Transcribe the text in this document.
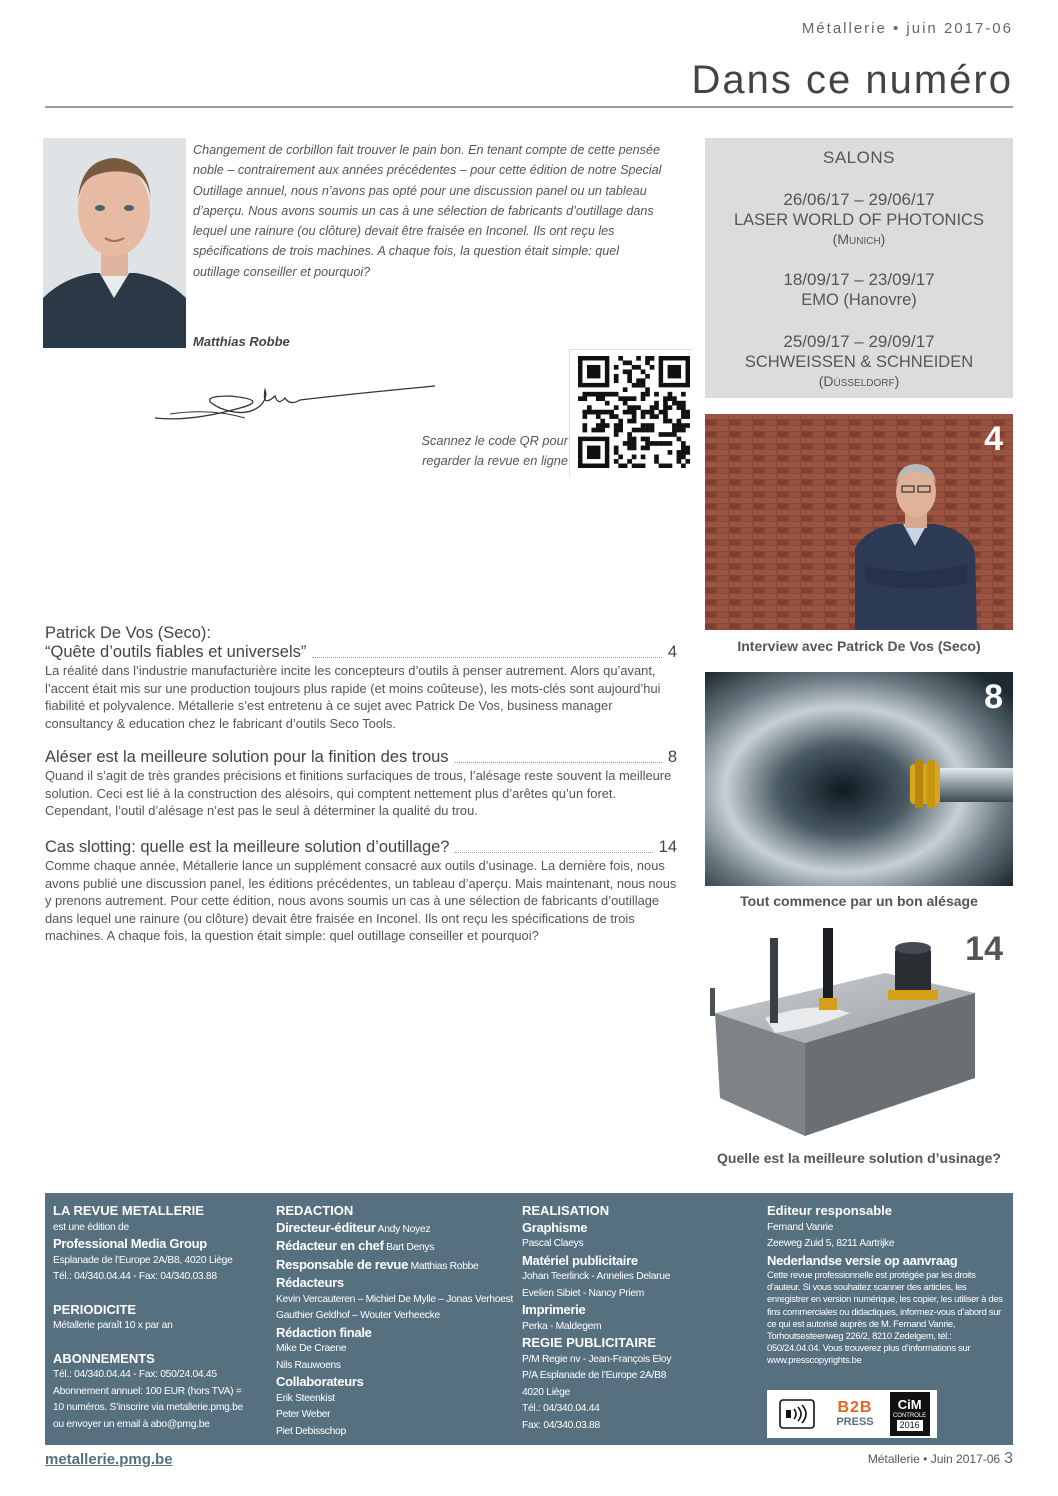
Métallerie • juin 2017-06
Dans ce numéro

Changement de corbillon fait trouver le pain bon. En tenant compte de cette pensée noble – contrairement aux années précédentes – pour cette édition de notre Special Outillage annuel, nous n’avons pas opté pour une discussion panel ou un tableau d’aperçu. Nous avons soumis un cas à une sélection de fabricants d’outillage dans lequel une rainure (ou clôture) devait être fraisée en Inconel. Ils ont reçu les spécifications de trois machines. A chaque fois, la question était simple: quel outillage conseiller et pourquoi?

Matthias Robbe
Scannez le code QR pour
regarder la revue en ligne
SALONS
26/06/17 – 29/06/17
LASER WORLD OF PHOTONICS
(Munich)
18/09/17 – 23/09/17
EMO (Hanovre)
25/09/17 – 29/09/17
SCHWEISSEN & SCHNEIDEN
(Düsseldorf)
4
Interview avec Patrick De Vos (Seco)
8
Tout commence par un bon alésage
14
Quelle est la meilleure solution d’usinage?
Patrick De Vos (Seco):
“Quête d’outils fiables et universels”	4

La réalité dans l’industrie manufacturière incite les concepteurs d’outils à penser autrement. Alors qu’avant, l’accent était mis sur une production toujours plus rapide (et moins coûteuse), les mots-clés sont aujourd’hui fiabilité et polyvalence. Métallerie s’est entretenu à ce sujet avec Patrick De Vos, business manager consultancy & education chez le fabricant d’outils Seco Tools.

Aléser est la meilleure solution pour la finition des trous	8

Quand il s’agit de très grandes précisions et finitions surfaciques de trous, l’alésage reste souvent la meilleure solution. Ceci est lié à la construction des alésoirs, qui comptent nettement plus d’arêtes qu’un foret. Cependant, l’outil d’alésage n’est pas le seul à déterminer la qualité du trou.

Cas slotting: quelle est la meilleure solution d’outillage?	14

Comme chaque année, Métallerie lance un supplément consacré aux outils d’usinage. La dernière fois, nous avons publié une discussion panel, les éditions précédentes, un tableau d’aperçu. Mais maintenant, nous nous y prenons autrement. Pour cette édition, nous avons soumis un cas à une sélection de fabricants d’outillage dans lequel une rainure (ou clôture) devait être fraisée en Inconel. Ils ont reçu les spécifications de trois machines. A chaque fois, la question était simple: quel outillage conseiller et pourquoi?

LA REVUE METALLERIE
est une édition de
Professional Media Group
Esplanade de l’Europe 2A/B8, 4020 Liège
Tél.: 04/340.04.44 - Fax: 04/340.03.88
PERIODICITE
Métallerie paraît 10 x par an
ABONNEMENTS
Tél.: 04/340.04.44 - Fax: 050/24.04.45
Abonnement annuel: 100 EUR (hors TVA) =
10 numéros. S’inscrire via metallerie.pmg.be
ou envoyer un email à abo@pmg.be
REDACTION
Directeur-éditeur Andy Noyez
Rédacteur en chef Bart Denys
Responsable de revue Matthias Robbe
Rédacteurs
Kevin Vercauteren – Michiel De Mylle – Jonas Verhoest
Gauthier Geldhof – Wouter Verheecke
Rédaction finale
Mike De Craene
Nils Rauwoens
Collaborateurs
Erik Steenkist
Peter Weber
Piet Debisschop
REALISATION
Graphisme
Pascal Claeys
Matériel publicitaire
Johan Teerlinck - Annelies Delarue
Evelien Sibiet - Nancy Priem
Imprimerie
Perka - Maldegem
REGIE PUBLICITAIRE
P/M Regie nv - Jean-François Eloy
P/A Esplanade de l’Europe 2A/B8
4020 Liège
Tél.: 04/340.04.44
Fax: 04/340.03.88
Editeur responsable
Fernand Vanrie
Zeeweg Zuid 5, 8211 Aartrijke
Nederlandse versie op aanvraag
Cette revue professionnelle est protégée par les droits d’auteur. Si vous souhaitez scanner des articles, les enregistrer en version numérique, les copier, les utiliser à des fins commerciales ou didactiques, informez-vous d’abord sur ce qui est autorisé auprès de M. Fernand Vanrie, Torhoutsesteenweg 226/2, 8210 Zedelgem, tél.: 050/24.04.04. Vous trouverez plus d’informations sur www.presscopyrights.be
B2B
PRESS
CiM
CONTROLE
2016
metallerie.pmg.be	Métallerie • Juin 2017-06 3
